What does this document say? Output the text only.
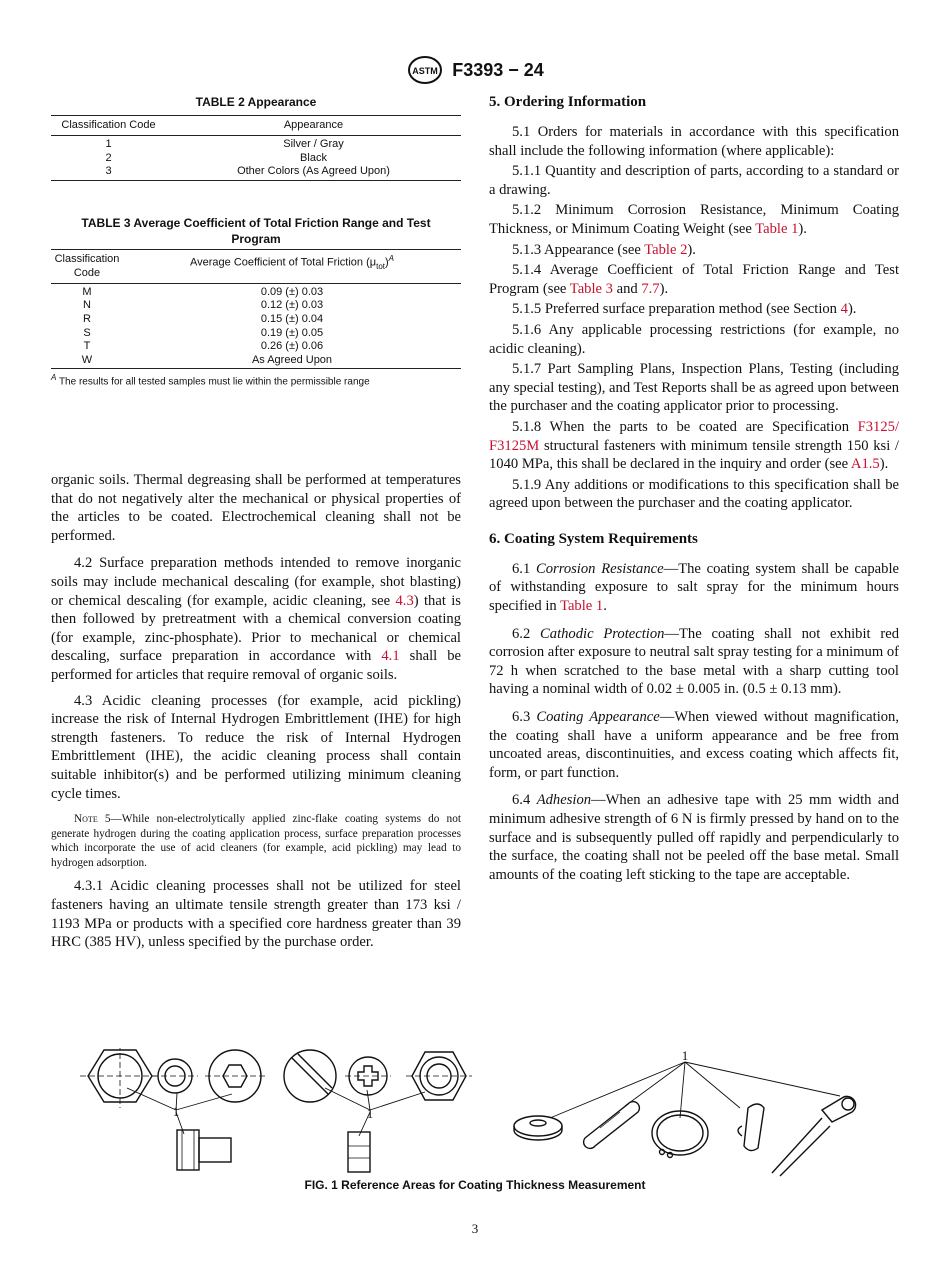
ASTM F3393 − 24
TABLE 2 Appearance
Classification Code	Appearance
1	Silver / Gray
2	Black
3	Other Colors (As Agreed Upon)
TABLE 3 Average Coefficient of Total Friction Range and Test Program
Classification Code	Average Coefficient of Total Friction $(\mu_{tot})^A$
M	0.09 (±) 0.03
N	0.12 (±) 0.03
R	0.15 (±) 0.04
S	0.19 (±) 0.05
T	0.26 (±) 0.06
W	As Agreed Upon
$^A$ The results for all tested samples must lie within the permissible range

organic soils. Thermal degreasing shall be performed at temperatures that do not negatively alter the mechanical or physical properties of the articles to be coated. Electrochemical cleaning shall not be performed.

4.2 Surface preparation methods intended to remove inorganic soils may include mechanical descaling (for example, shot blasting) or chemical descaling (for example, acidic cleaning, see 4.3) that is then followed by pretreatment with a chemical conversion coating (for example, zinc-phosphate). Prior to mechanical or chemical descaling, surface preparation in accordance with 4.1 shall be performed for articles that require removal of organic soils.

4.3 Acidic cleaning processes (for example, acid pickling) increase the risk of Internal Hydrogen Embrittlement (IHE) for high strength fasteners. To reduce the risk of Internal Hydrogen Embrittlement (IHE), the acidic cleaning process shall contain suitable inhibitor(s) and be performed utilizing minimum cleaning cycle times.

Note 5—While non-electrolytically applied zinc-flake coating systems do not generate hydrogen during the coating application process, surface preparation processes which incorporate the use of acid cleaners (for example, acid pickling) may lead to hydrogen adsorption.

4.3.1 Acidic cleaning processes shall not be utilized for steel fasteners having an ultimate tensile strength greater than 173 ksi / 1193 MPa or products with a specified core hardness greater than 39 HRC (385 HV), unless specified by the purchase order.

5. Ordering Information

5.1 Orders for materials in accordance with this specification shall include the following information (where applicable):

5.1.1 Quantity and description of parts, according to a standard or a drawing.

5.1.2 Minimum Corrosion Resistance, Minimum Coating Thickness, or Minimum Coating Weight (see Table 1).

5.1.3 Appearance (see Table 2).

5.1.4 Average Coefficient of Total Friction Range and Test Program (see Table 3 and 7.7).

5.1.5 Preferred surface preparation method (see Section 4).

5.1.6 Any applicable processing restrictions (for example, no acidic cleaning).

5.1.7 Part Sampling Plans, Inspection Plans, Testing (including any special testing), and Test Reports shall be as agreed upon between the purchaser and the coating applicator prior to processing.

5.1.8 When the parts to be coated are Specification F3125/ F3125M structural fasteners with minimum tensile strength 150 ksi / 1040 MPa, this shall be declared in the inquiry and order (see A1.5).

5.1.9 Any additions or modifications to this specification shall be agreed upon between the purchaser and the coating applicator.

6. Coating System Requirements

6.1 Corrosion Resistance—The coating system shall be capable of withstanding exposure to salt spray for the minimum hours specified in Table 1.

6.2 Cathodic Protection—The coating shall not exhibit red corrosion after exposure to neutral salt spray testing for a minimum of 72 h when scratched to the base metal with a sharp cutting tool having a nominal width of 0.02 ± 0.005 in. (0.5 ± 0.13 mm).

6.3 Coating Appearance—When viewed without magnification, the coating shall have a uniform appearance and be free from uncoated areas, discontinuities, and excess coating which affects fit, form, or part function.

6.4 Adhesion—When an adhesive tape with 25 mm width and minimum adhesive strength of 6 N is firmly pressed by hand on to the surface and is subsequently pulled off rapidly and perpendicularly to the surface, the coating shall not be peeled off the base metal. Small amounts of the coating left sticking to the tape are acceptable.

1	1
1
FIG. 1 Reference Areas for Coating Thickness Measurement
3
